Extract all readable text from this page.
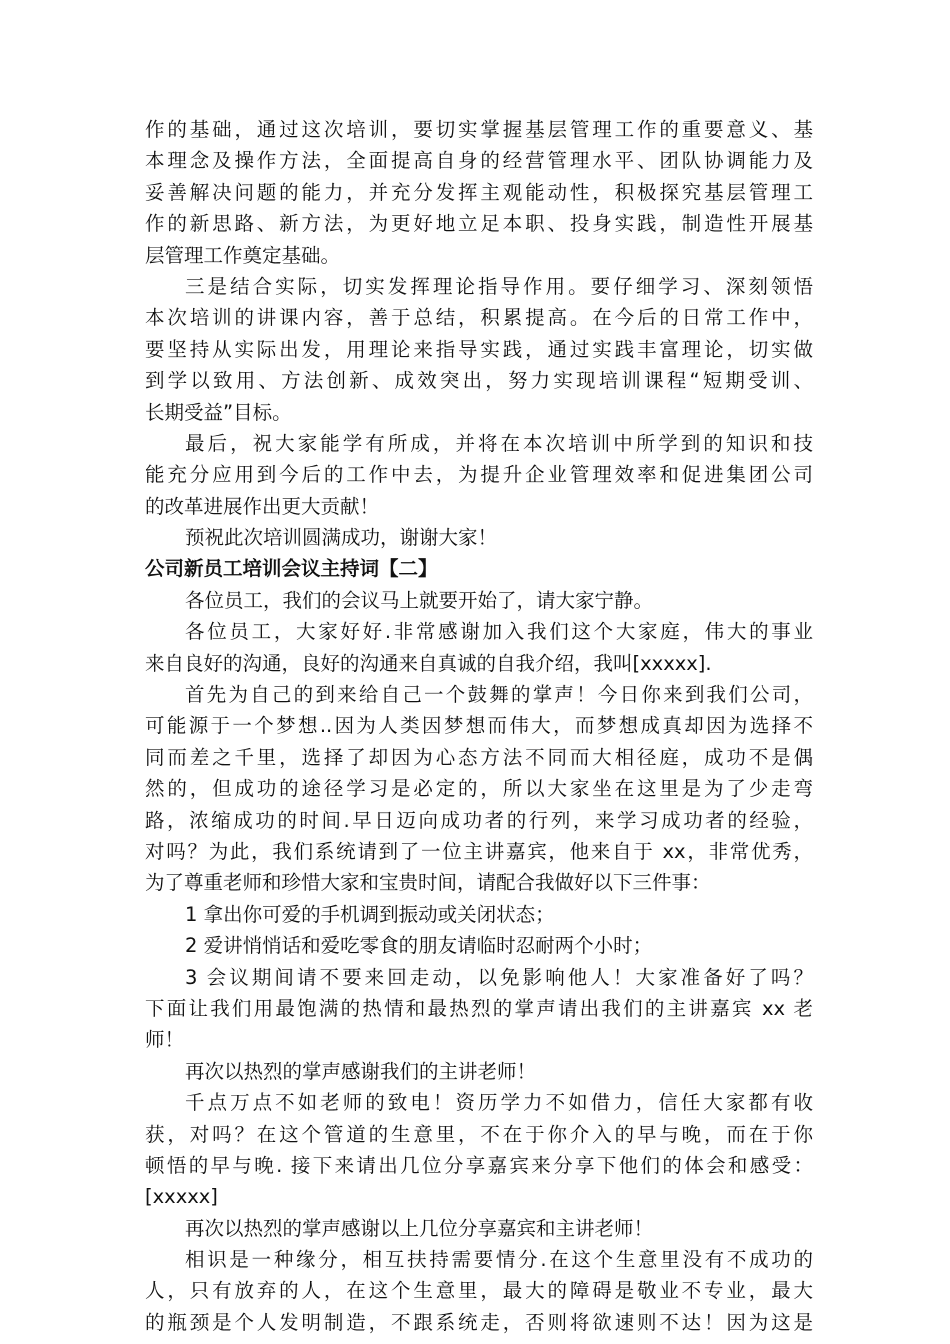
作的基础，通过这次培训，要切实掌握基层管理工作的重要意义、基
本理念及操作方法，全面提高自身的经营管理水平、团队协调能力及
妥善解决问题的能力，并充分发挥主观能动性，积极探究基层管理工
作的新思路、新方法，为更好地立足本职、投身实践，制造性开展基
层管理工作奠定基础。
三是结合实际，切实发挥理论指导作用。要仔细学习、深刻领悟
本次培训的讲课内容，善于总结，积累提高。在今后的日常工作中，
要坚持从实际出发，用理论来指导实践，通过实践丰富理论，切实做
到学以致用、方法创新、成效突出，努力实现培训课程“短期受训、
长期受益”目标。
最后，祝大家能学有所成，并将在本次培训中所学到的知识和技
能充分应用到今后的工作中去，为提升企业管理效率和促进集团公司
的改革进展作出更大贡献！
预祝此次培训圆满成功，谢谢大家！
公司新员工培训会议主持词【二】
各位员工，我们的会议马上就要开始了，请大家宁静。
各位员工，大家好好.非常感谢加入我们这个大家庭，伟大的事业
来自良好的沟通，良好的沟通来自真诚的自我介绍，我叫[xxxxx].
首先为自己的到来给自己一个鼓舞的掌声！今日你来到我们公司，
可能源于一个梦想..因为人类因梦想而伟大，而梦想成真却因为选择不
同而差之千里，选择了却因为心态方法不同而大相径庭，成功不是偶
然的，但成功的途径学习是必定的，所以大家坐在这里是为了少走弯
路，浓缩成功的时间.早日迈向成功者的行列，来学习成功者的经验，
对吗？为此，我们系统请到了一位主讲嘉宾，他来自于 xx，非常优秀，
为了尊重老师和珍惜大家和宝贵时间，请配合我做好以下三件事：
1 拿出你可爱的手机调到振动或关闭状态；
2 爱讲悄悄话和爱吃零食的朋友请临时忍耐两个小时；
3 会议期间请不要来回走动，以免影响他人！大家准备好了吗？
下面让我们用最饱满的热情和最热烈的掌声请出我们的主讲嘉宾 xx 老
师！
再次以热烈的掌声感谢我们的主讲老师！
千点万点不如老师的致电！资历学力不如借力，信任大家都有收
获，对吗？在这个管道的生意里，不在于你介入的早与晚，而在于你
顿悟的早与晚. 接下来请出几位分享嘉宾来分享下他们的体会和感受：
[xxxxx]
再次以热烈的掌声感谢以上几位分享嘉宾和主讲老师！
相识是一种缘分，相互扶持需要情分.在这个生意里没有不成功的
人，只有放弃的人，在这个生意里，最大的障碍是敬业不专业，最大
的瓶颈是个人发明制造，不跟系统走，否则将欲速则不达！因为这是
